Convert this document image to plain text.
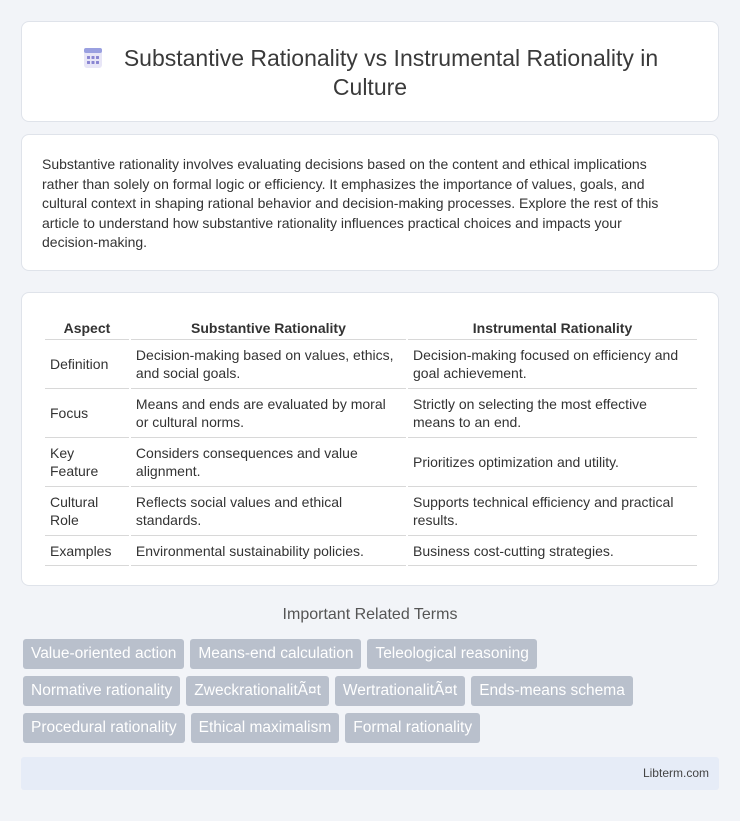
Substantive Rationality vs Instrumental Rationality in Culture

Substantive rationality involves evaluating decisions based on the content and ethical implications rather than solely on formal logic or efficiency. It emphasizes the importance of values, goals, and cultural context in shaping rational behavior and decision-making processes. Explore the rest of this article to understand how substantive rationality influences practical choices and impacts your decision-making.

Aspect	Substantive Rationality	Instrumental Rationality
Definition	Decision-making based on values, ethics, and social goals.	Decision-making focused on efficiency and goal achievement.
Focus	Means and ends are evaluated by moral or cultural norms.	Strictly on selecting the most effective means to an end.
Key Feature	Considers consequences and value alignment.	Prioritizes optimization and utility.
Cultural Role	Reflects social values and ethical standards.	Supports technical efficiency and practical results.
Examples	Environmental sustainability policies.	Business cost-cutting strategies.
Important Related Terms
Value-oriented action	Means-end calculation	Teleological reasoning
Normative rationality	ZweckrationalitÃ¤t	WertrationalitÃ¤t	Ends-means schema
Procedural rationality	Ethical maximalism	Formal rationality
Libterm.com
